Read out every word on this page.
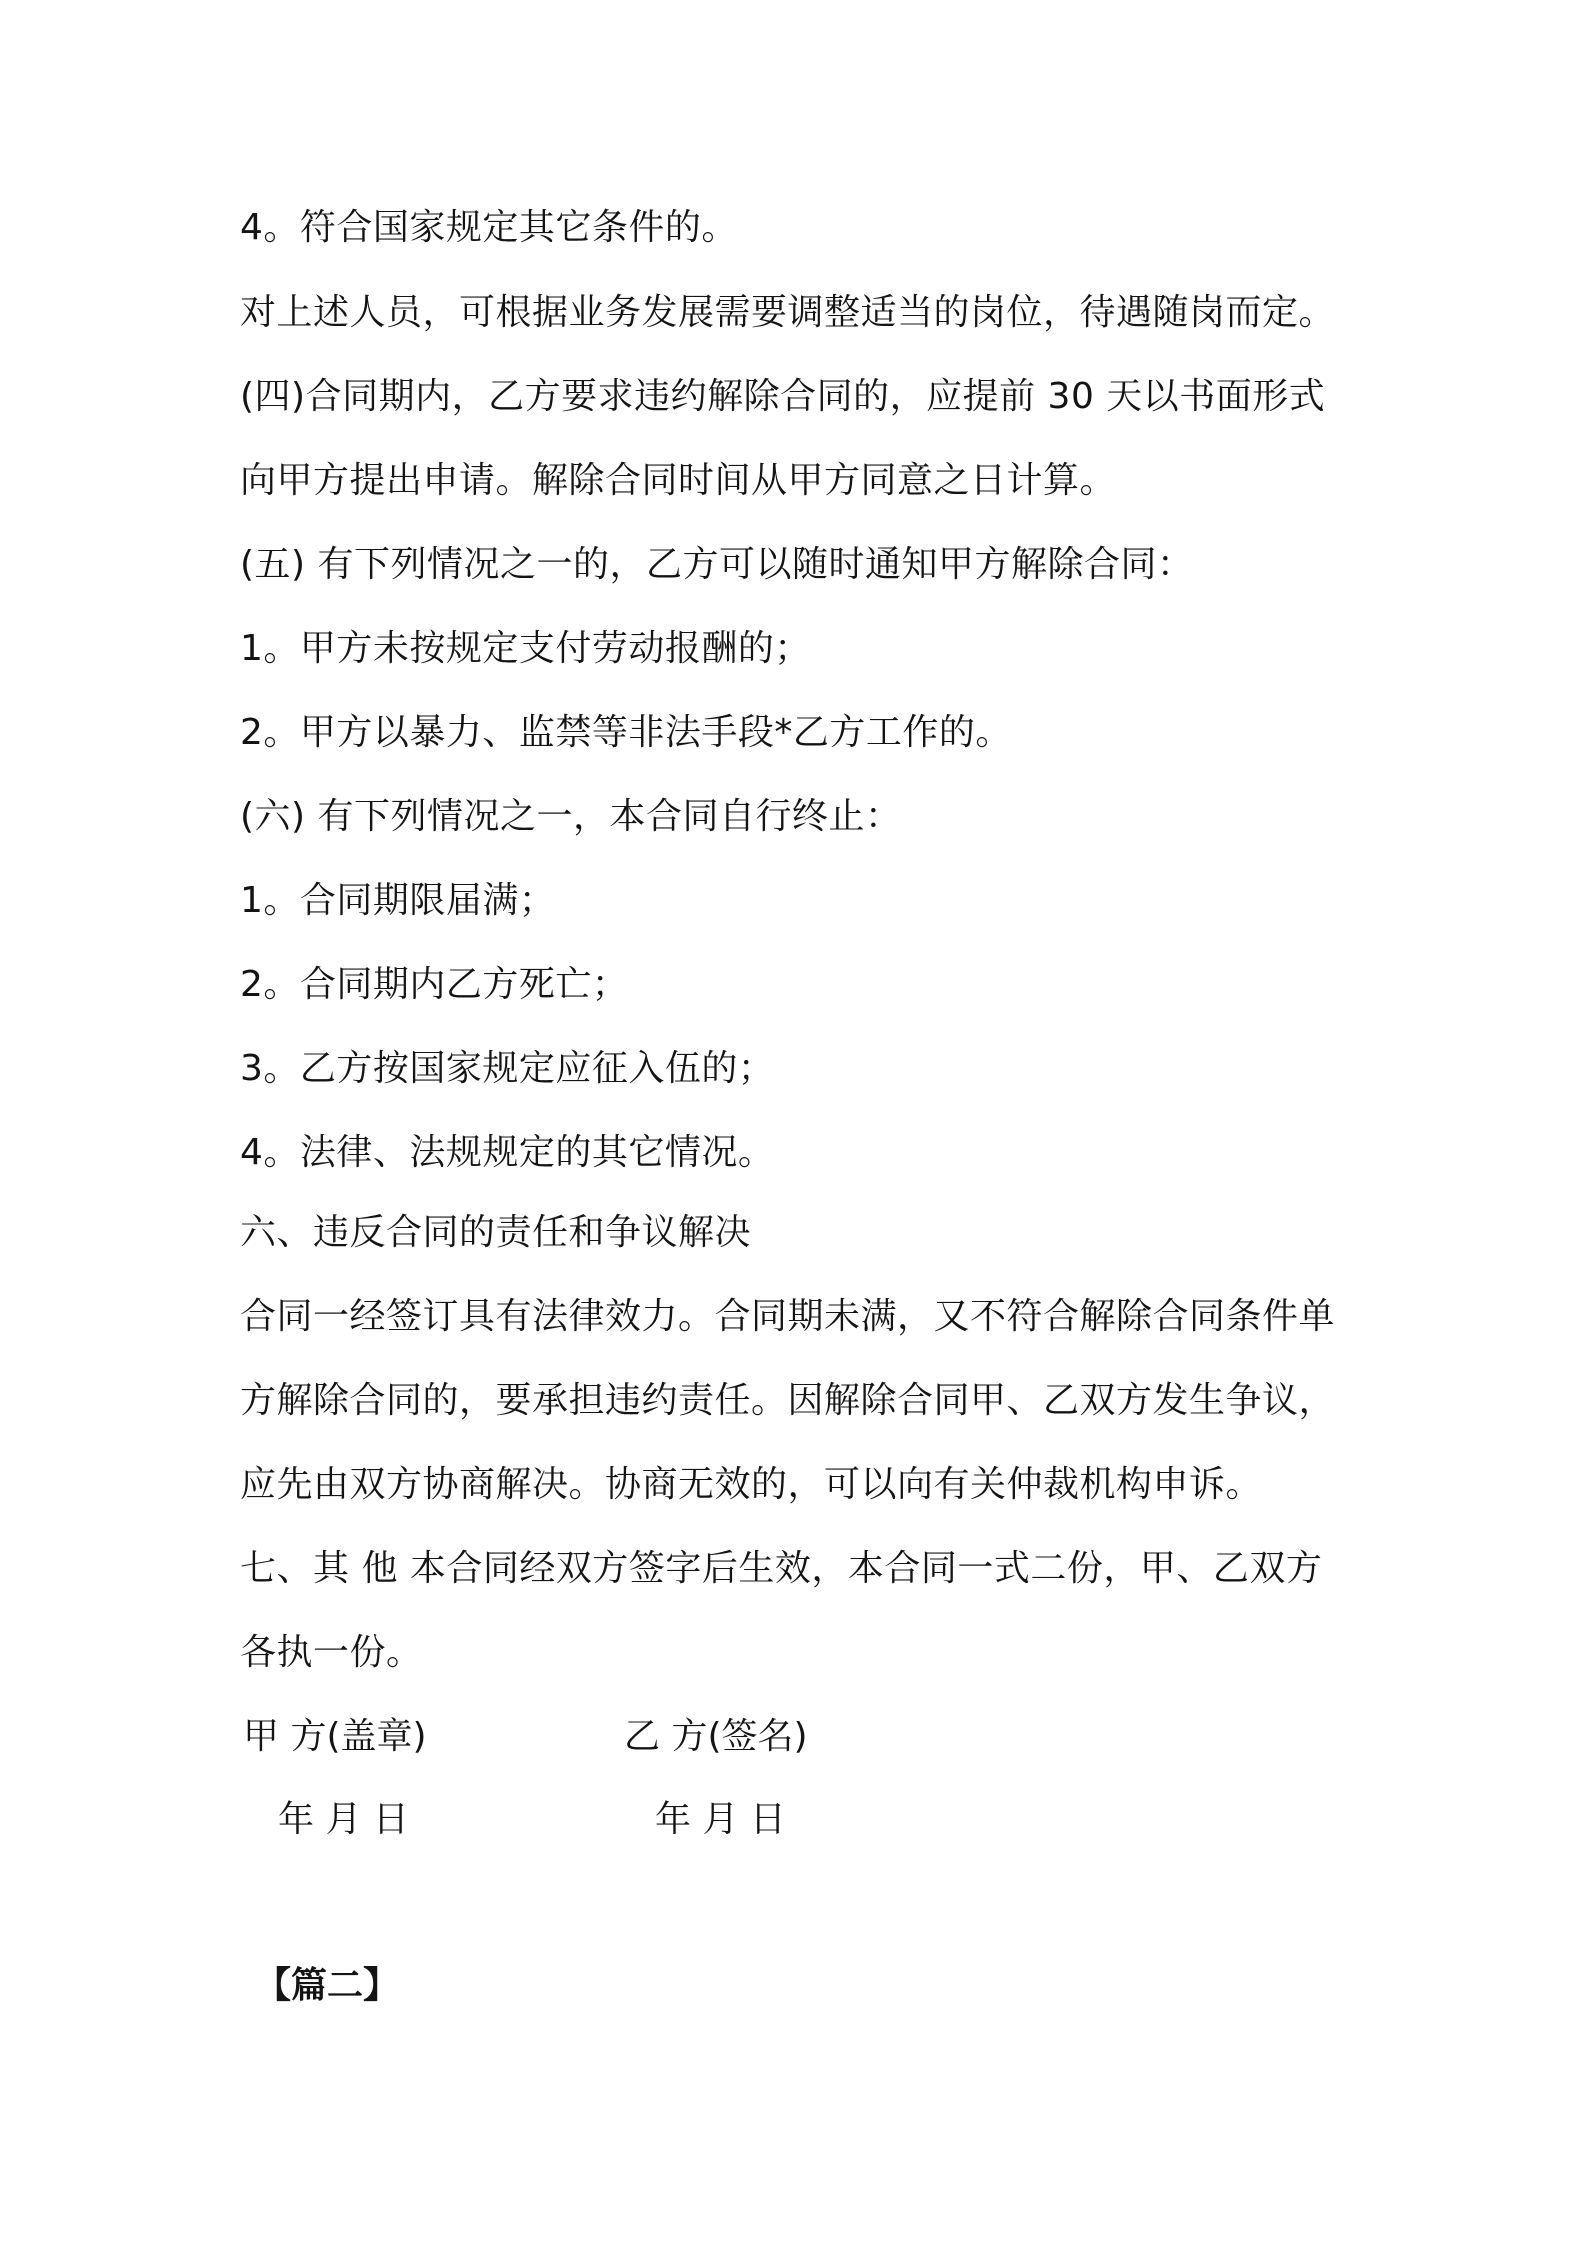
4。符合国家规定其它条件的。
对上述人员，可根据业务发展需要调整适当的岗位，待遇随岗而定。
(四)合同期内，乙方要求违约解除合同的，应提前 30 天以书面形式
向甲方提出申请。解除合同时间从甲方同意之日计算。
(五) 有下列情况之一的，乙方可以随时通知甲方解除合同：
1。甲方未按规定支付劳动报酬的；
2。甲方以暴力、监禁等非法手段*乙方工作的。
(六) 有下列情况之一，本合同自行终止：
1。合同期限届满；
2。合同期内乙方死亡；
3。乙方按国家规定应征入伍的；
4。法律、法规规定的其它情况。
六、违反合同的责任和争议解决
合同一经签订具有法律效力。合同期未满，又不符合解除合同条件单
方解除合同的，要承担违约责任。因解除合同甲、乙双方发生争议，
应先由双方协商解决。协商无效的，可以向有关仲裁机构申诉。
七、其 他 本合同经双方签字后生效，本合同一式二份，甲、乙双方
各执一份。
甲 方(盖章)	乙 方(签名)
年 月 日	年 月 日
【篇二】
